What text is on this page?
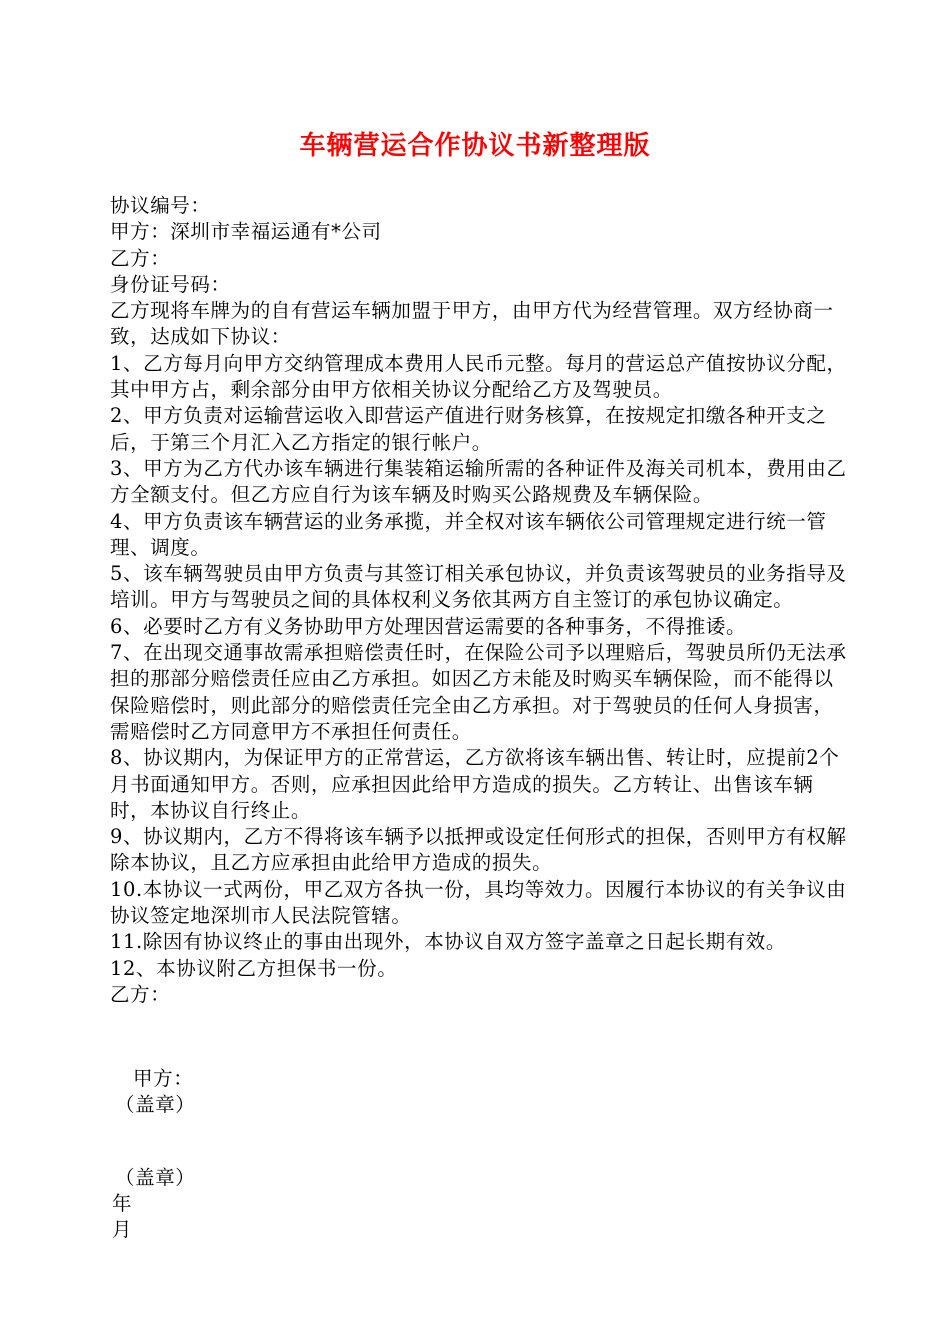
车辆营运合作协议书新整理版

协议编号：

甲方：深圳市幸福运通有*公司

乙方：

身份证号码：

乙方现将车牌为的自有营运车辆加盟于甲方，由甲方代为经营管理。双方经协商一致，达成如下协议：

1、乙方每月向甲方交纳管理成本费用人民币元整。每月的营运总产值按协议分配，其中甲方占，剩余部分由甲方依相关协议分配给乙方及驾驶员。

2、甲方负责对运输营运收入即营运产值进行财务核算，在按规定扣缴各种开支之后，于第三个月汇入乙方指定的银行帐户。

3、甲方为乙方代办该车辆进行集装箱运输所需的各种证件及海关司机本，费用由乙方全额支付。但乙方应自行为该车辆及时购买公路规费及车辆保险。

4、甲方负责该车辆营运的业务承揽，并全权对该车辆依公司管理规定进行统一管理、调度。

5、该车辆驾驶员由甲方负责与其签订相关承包协议，并负责该驾驶员的业务指导及培训。甲方与驾驶员之间的具体权利义务依其两方自主签订的承包协议确定。

6、必要时乙方有义务协助甲方处理因营运需要的各种事务，不得推诿。

7、在出现交通事故需承担赔偿责任时，在保险公司予以理赔后，驾驶员所仍无法承担的那部分赔偿责任应由乙方承担。如因乙方未能及时购买车辆保险，而不能得以保险赔偿时，则此部分的赔偿责任完全由乙方承担。对于驾驶员的任何人身损害，需赔偿时乙方同意甲方不承担任何责任。

8、协议期内，为保证甲方的正常营运，乙方欲将该车辆出售、转让时，应提前2个月书面通知甲方。否则，应承担因此给甲方造成的损失。乙方转让、出售该车辆时，本协议自行终止。

9、协议期内，乙方不得将该车辆予以抵押或设定任何形式的担保，否则甲方有权解除本协议，且乙方应承担由此给甲方造成的损失。

10.本协议一式两份，甲乙双方各执一份，具均等效力。因履行本协议的有关争议由协议签定地深圳市人民法院管辖。

11.除因有协议终止的事由出现外，本协议自双方签字盖章之日起长期有效。

12、本协议附乙方担保书一份。

乙方：

甲方：
（盖章）
（盖章）
年
月
